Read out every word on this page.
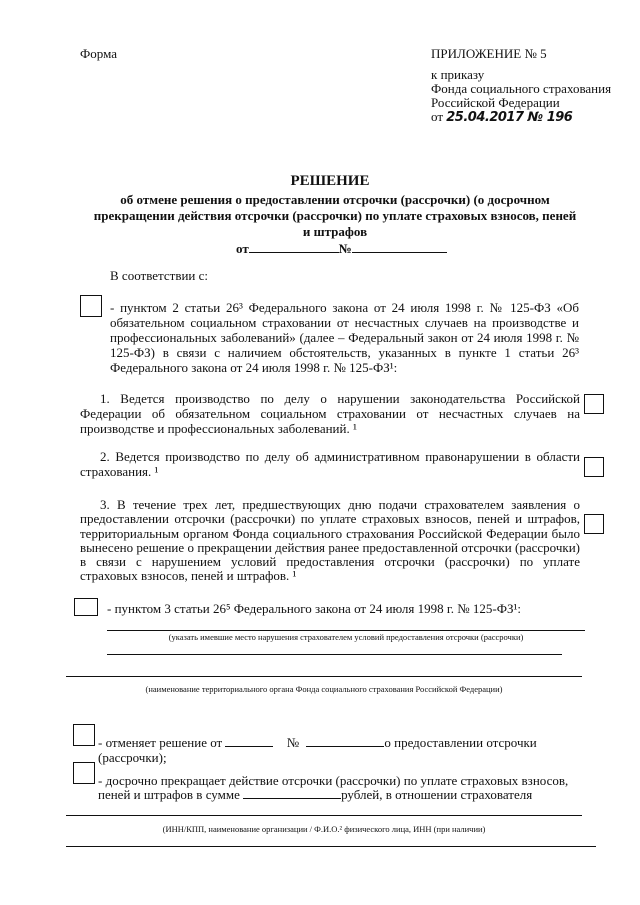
Форма	ПРИЛОЖЕНИЕ № 5
к приказу
Фонда социального страхования
Российской Федерации
от 25.04.2017 № 196
РЕШЕНИЕ
об отмене решения о предоставлении отсрочки (рассрочки) (о досрочном прекращении действия отсрочки (рассрочки) по уплате страховых взносов, пеней и штрафов
от	№
В соответствии с:
- пунктом 2 статьи 26³ Федерального закона от 24 июля 1998 г. № 125-ФЗ «Об обязательном социальном страховании от несчастных случаев на производстве и профессиональных заболеваний» (далее – Федеральный закон от 24 июля 1998 г. № 125-ФЗ) в связи с наличием обстоятельств, указанных в пункте 1 статьи 26³ Федерального закона от 24 июля 1998 г. № 125-ФЗ¹:
1. Ведется производство по делу о нарушении законодательства Российской Федерации об обязательном социальном страховании от несчастных случаев на производстве и профессиональных заболеваний. ¹
2. Ведется производство по делу об административном правонарушении в области страхования. ¹
3. В течение трех лет, предшествующих дню подачи страхователем заявления о предоставлении отсрочки (рассрочки) по уплате страховых взносов, пеней и штрафов, территориальным органом Фонда социального страхования Российской Федерации было вынесено решение о прекращении действия ранее предоставленной отсрочки (рассрочки) в связи с нарушением условий предоставления отсрочки (рассрочки) по уплате страховых взносов, пеней и штрафов. ¹
- пунктом 3 статьи 26⁵ Федерального закона от 24 июля 1998 г. № 125-ФЗ¹:
(указать имевшие место нарушения страхователем условий предоставления отсрочки (рассрочки)
(наименование территориального органа Фонда социального страхования Российской Федерации)
- отменяет решение от	№	о предоставлении отсрочки
(рассрочки);
- досрочно прекращает действие отсрочки (рассрочки) по уплате страховых взносов,
пеней и штрафов в сумме	рублей, в отношении страхователя
(ИНН/КПП, наименование организации / Ф.И.О.² физического лица, ИНН (при наличии)
